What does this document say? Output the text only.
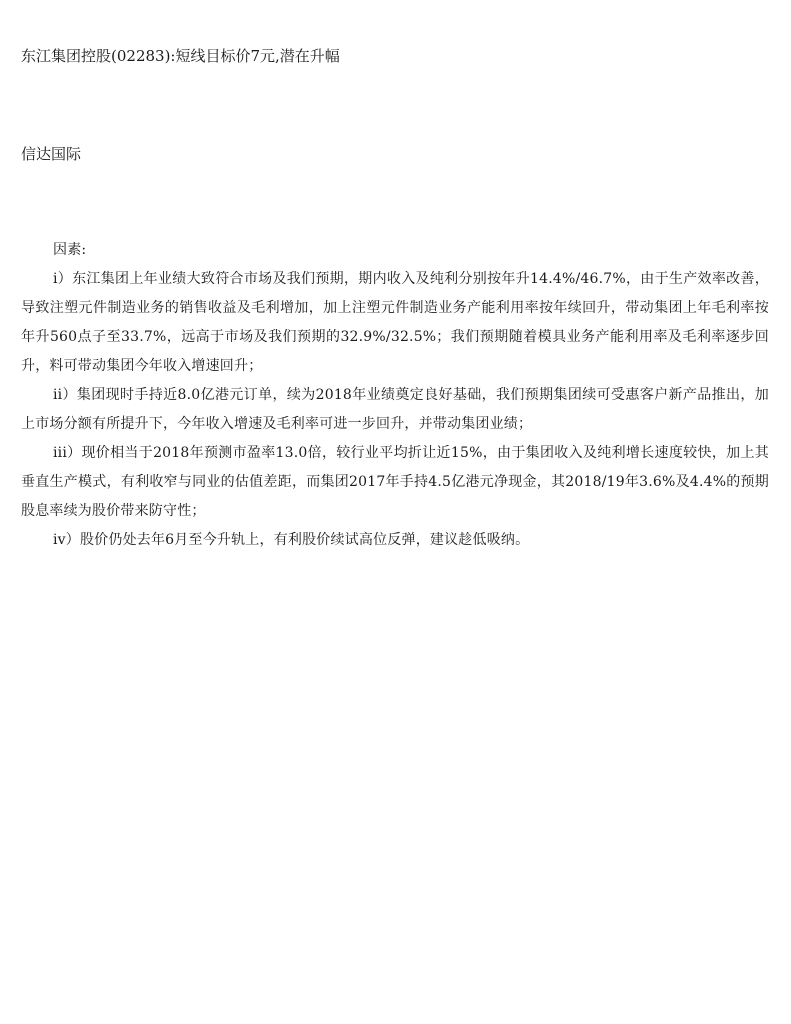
东江集团控股(02283):短线目标价7元,潜在升幅
信达国际

因素:

i）东江集团上年业绩大致符合市场及我们预期，期内收入及纯利分别按年升14.4%/46.7%，由于生产效率改善，导致注塑元件制造业务的销售收益及毛利增加，加上注塑元件制造业务产能利用率按年续回升，带动集团上年毛利率按年升560点子至33.7%，远高于市场及我们预期的32.9%/32.5%；我们预期随着模具业务产能利用率及毛利率逐步回升，料可带动集团今年收入增速回升；

ii）集团现时手持近8.0亿港元订单，续为2018年业绩奠定良好基础，我们预期集团续可受惠客户新产品推出，加上市场分额有所提升下，今年收入增速及毛利率可进一步回升，并带动集团业绩；

iii）现价相当于2018年预测市盈率13.0倍，较行业平均折让近15%，由于集团收入及纯利增长速度较快，加上其垂直生产模式，有利收窄与同业的估值差距，而集团2017年手持4.5亿港元净现金，其2018/19年3.6%及4.4%的预期股息率续为股价带来防守性；

iv）股价仍处去年6月至今升轨上，有利股价续试高位反弹，建议趁低吸纳。
